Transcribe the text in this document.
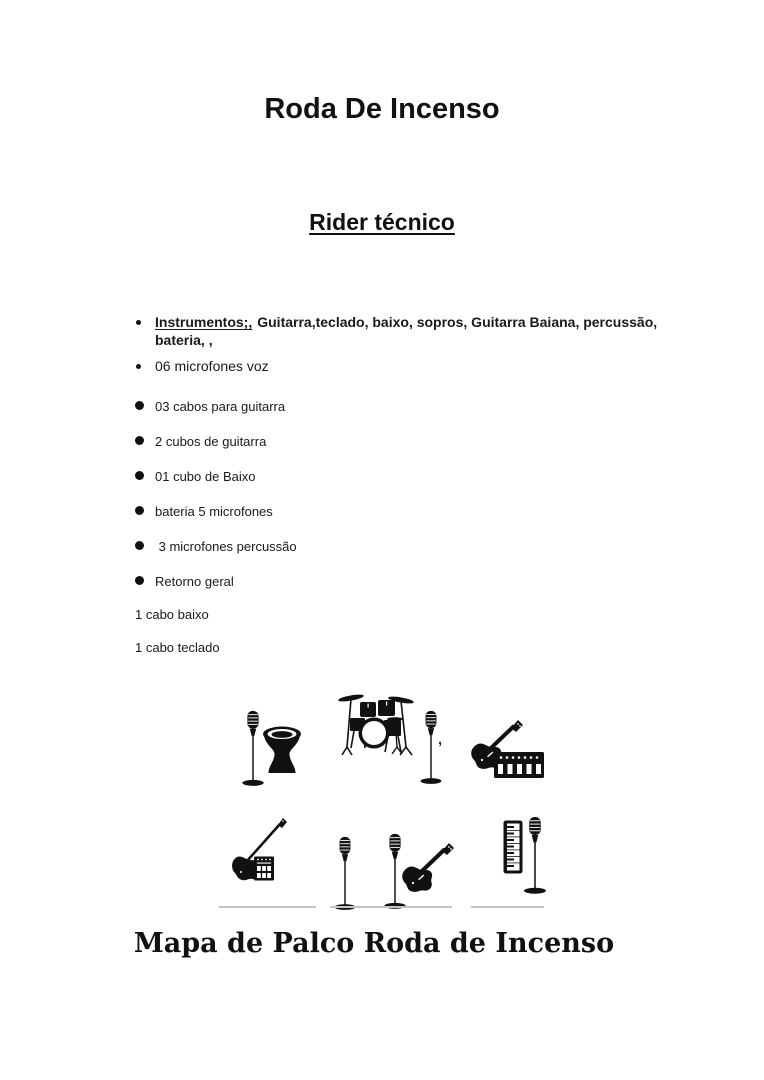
Roda De Incenso
Rider técnico
Instrumentos;, Guitarra,teclado, baixo, sopros, Guitarra Baiana, percussão,
bateria, ,
06 microfones voz
03 cabos para guitarra
2 cubos de guitarra
01 cubo de Baixo
bateria 5 microfones
3 microfones percussão
Retorno geral
1 cabo baixo
1 cabo teclado
,
Mapa de Palco Roda de Incenso
